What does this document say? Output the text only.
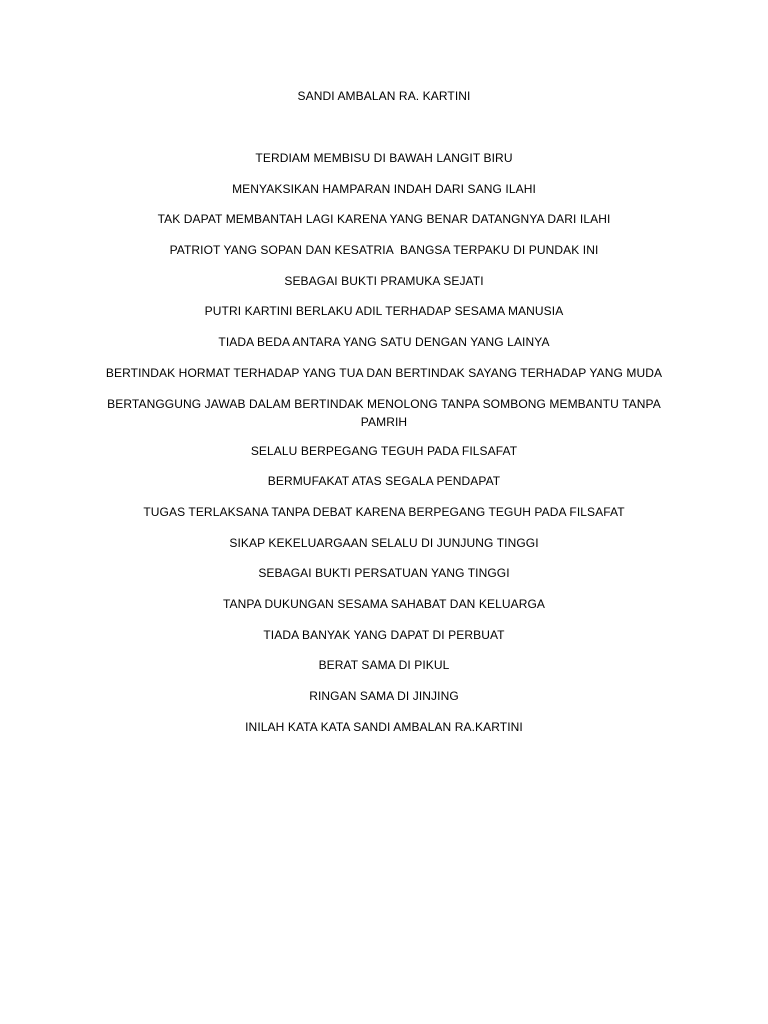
SANDI AMBALAN RA. KARTINI
TERDIAM MEMBISU DI BAWAH LANGIT BIRU
MENYAKSIKAN HAMPARAN INDAH DARI SANG ILAHI
TAK DAPAT MEMBANTAH LAGI KARENA YANG BENAR DATANGNYA DARI ILAHI
PATRIOT YANG SOPAN DAN KESATRIA  BANGSA TERPAKU DI PUNDAK INI
SEBAGAI BUKTI PRAMUKA SEJATI
PUTRI KARTINI BERLAKU ADIL TERHADAP SESAMA MANUSIA
TIADA BEDA ANTARA YANG SATU DENGAN YANG LAINYA
BERTINDAK HORMAT TERHADAP YANG TUA DAN BERTINDAK SAYANG TERHADAP YANG MUDA
BERTANGGUNG JAWAB DALAM BERTINDAK MENOLONG TANPA SOMBONG MEMBANTU TANPA PAMRIH
SELALU BERPEGANG TEGUH PADA FILSAFAT
BERMUFAKAT ATAS SEGALA PENDAPAT
TUGAS TERLAKSANA TANPA DEBAT KARENA BERPEGANG TEGUH PADA FILSAFAT
SIKAP KEKELUARGAAN SELALU DI JUNJUNG TINGGI
SEBAGAI BUKTI PERSATUAN YANG TINGGI
TANPA DUKUNGAN SESAMA SAHABAT DAN KELUARGA
TIADA BANYAK YANG DAPAT DI PERBUAT
BERAT SAMA DI PIKUL
RINGAN SAMA DI JINJING
INILAH KATA KATA SANDI AMBALAN RA.KARTINI
